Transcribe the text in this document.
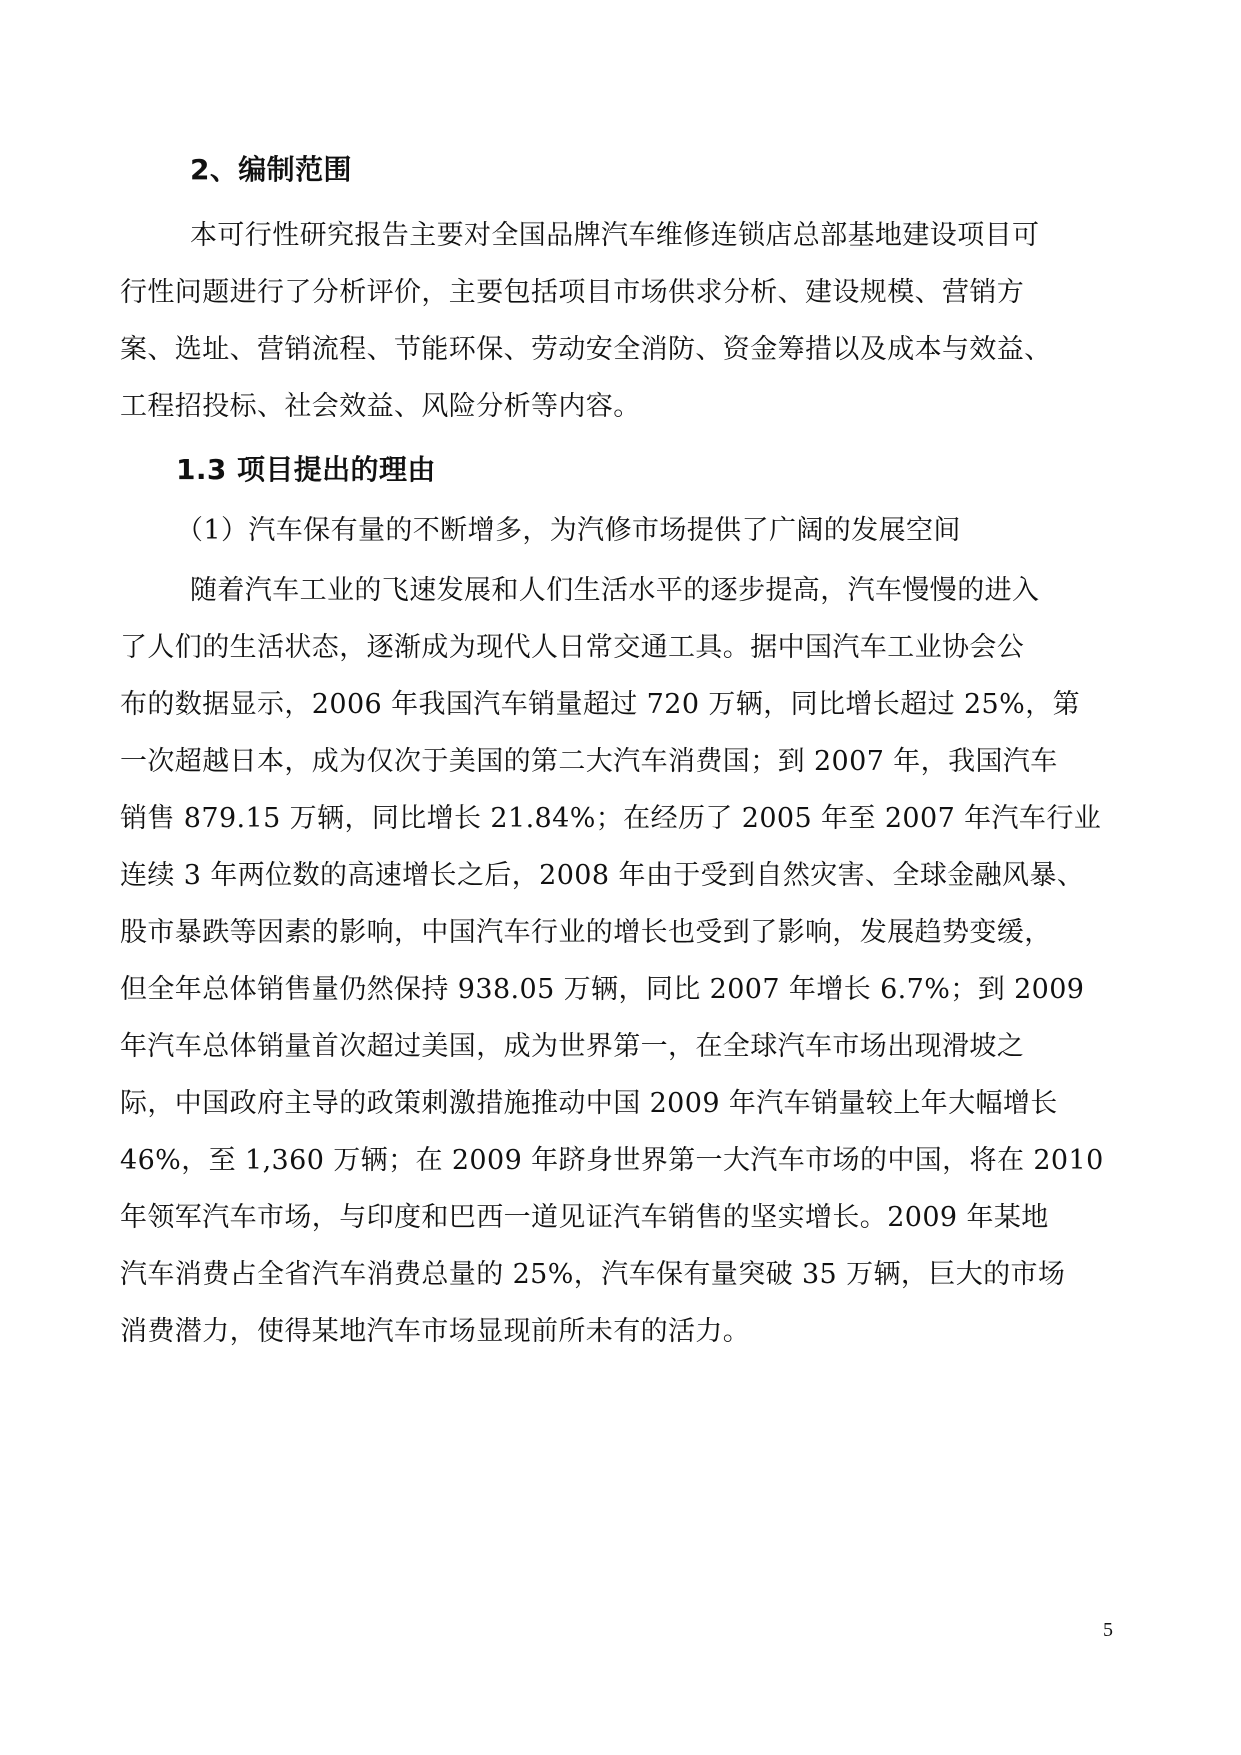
2、编制范围
本可行性研究报告主要对全国品牌汽车维修连锁店总部基地建设项目可
行性问题进行了分析评价，主要包括项目市场供求分析、建设规模、营销方
案、选址、营销流程、节能环保、劳动安全消防、资金筹措以及成本与效益、
工程招投标、社会效益、风险分析等内容。
1.3 项目提出的理由
（1）汽车保有量的不断增多，为汽修市场提供了广阔的发展空间
随着汽车工业的飞速发展和人们生活水平的逐步提高，汽车慢慢的进入
了人们的生活状态，逐渐成为现代人日常交通工具。据中国汽车工业协会公
布的数据显示，2006 年我国汽车销量超过 720 万辆，同比增长超过 25%，第
一次超越日本，成为仅次于美国的第二大汽车消费国；到 2007 年，我国汽车
销售 879.15 万辆，同比增长 21.84%；在经历了 2005 年至 2007 年汽车行业
连续 3 年两位数的高速增长之后，2008 年由于受到自然灾害、全球金融风暴、
股市暴跌等因素的影响，中国汽车行业的增长也受到了影响，发展趋势变缓，
但全年总体销售量仍然保持 938.05 万辆，同比 2007 年增长 6.7%；到 2009
年汽车总体销量首次超过美国，成为世界第一，在全球汽车市场出现滑坡之
际，中国政府主导的政策刺激措施推动中国 2009 年汽车销量较上年大幅增长
46%，至 1,360 万辆；在 2009 年跻身世界第一大汽车市场的中国，将在 2010
年领军汽车市场，与印度和巴西一道见证汽车销售的坚实增长。2009 年某地
汽车消费占全省汽车消费总量的 25%，汽车保有量突破 35 万辆，巨大的市场
消费潜力，使得某地汽车市场显现前所未有的活力。
5
